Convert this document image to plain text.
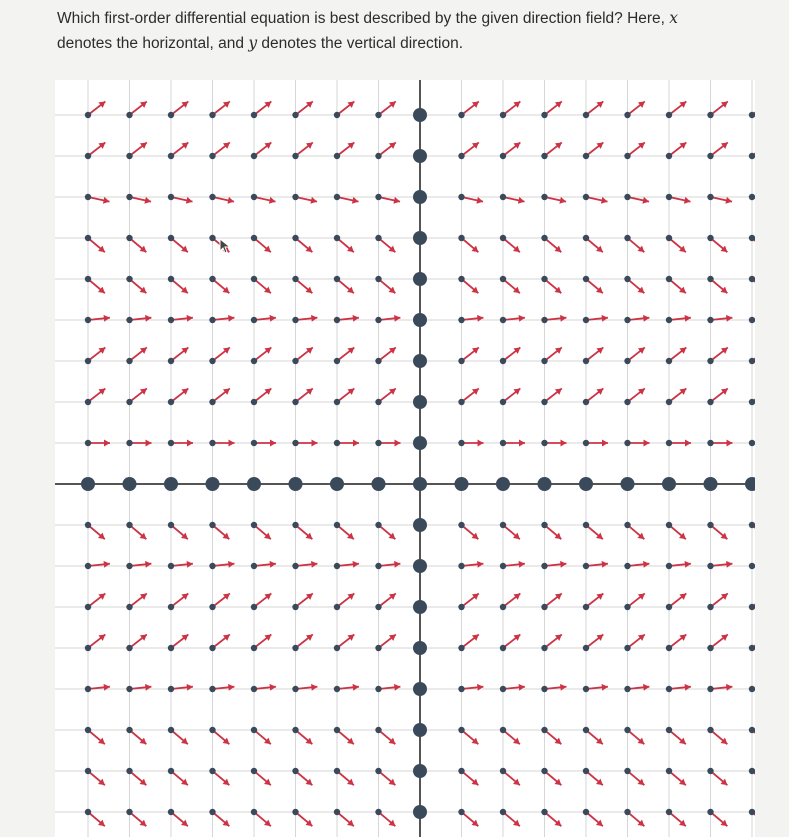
Which first-order differential equation is best described by the given direction field? Here, x
denotes the horizontal, and y denotes the vertical direction.
